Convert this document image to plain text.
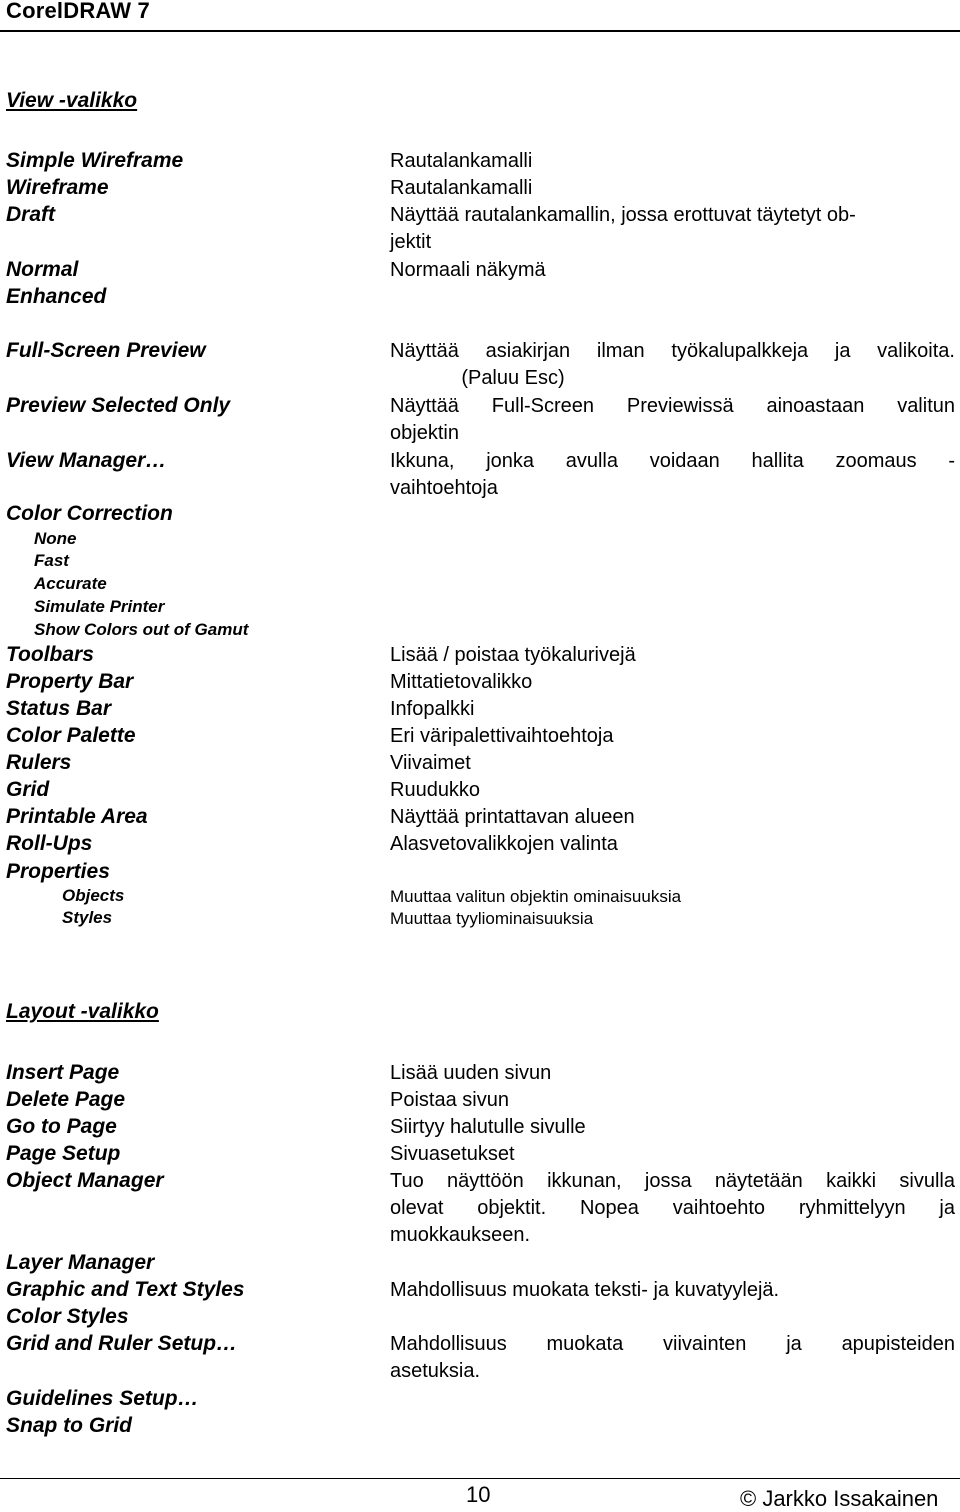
CorelDRAW 7
View -valikko
Simple Wireframe	Rautalankamalli
Wireframe	Rautalankamalli
Draft	Näyttää rautalankamallin, jossa erottuvat täytetyt ob-
jektit
Normal	Normaali näkymä
Enhanced
Full-Screen Preview	Näyttää asiakirjan ilman työkalupalkkeja ja valikoita.
(Paluu Esc)
Preview Selected Only	Näyttää Full-Screen Previewissä ainoastaan valitun
objektin
View Manager…	Ikkuna, jonka avulla voidaan hallita zoomaus -
vaihtoehtoja
Color Correction
None
Fast
Accurate
Simulate Printer
Show Colors out of Gamut
Toolbars	Lisää / poistaa työkalurivejä
Property Bar	Mittatietovalikko
Status Bar	Infopalkki
Color Palette	Eri väripalettivaihtoehtoja
Rulers	Viivaimet
Grid	Ruudukko
Printable Area	Näyttää printattavan alueen
Roll-Ups	Alasvetovalikkojen valinta
Properties
Objects	Muuttaa valitun objektin ominaisuuksia
Styles	Muuttaa tyyliominaisuuksia
Layout -valikko
Insert Page	Lisää uuden sivun
Delete Page	Poistaa sivun
Go to Page	Siirtyy halutulle sivulle
Page Setup	Sivuasetukset
Object Manager	Tuo näyttöön ikkunan, jossa näytetään kaikki sivulla
olevat objektit. Nopea vaihtoehto ryhmittelyyn ja
muokkaukseen.
Layer Manager
Graphic and Text Styles	Mahdollisuus muokata teksti- ja kuvatyylejä.
Color Styles
Grid and Ruler Setup…	Mahdollisuus muokata viivainten ja apupisteiden
asetuksia.
Guidelines Setup…
Snap to Grid
10	© Jarkko Issakainen
